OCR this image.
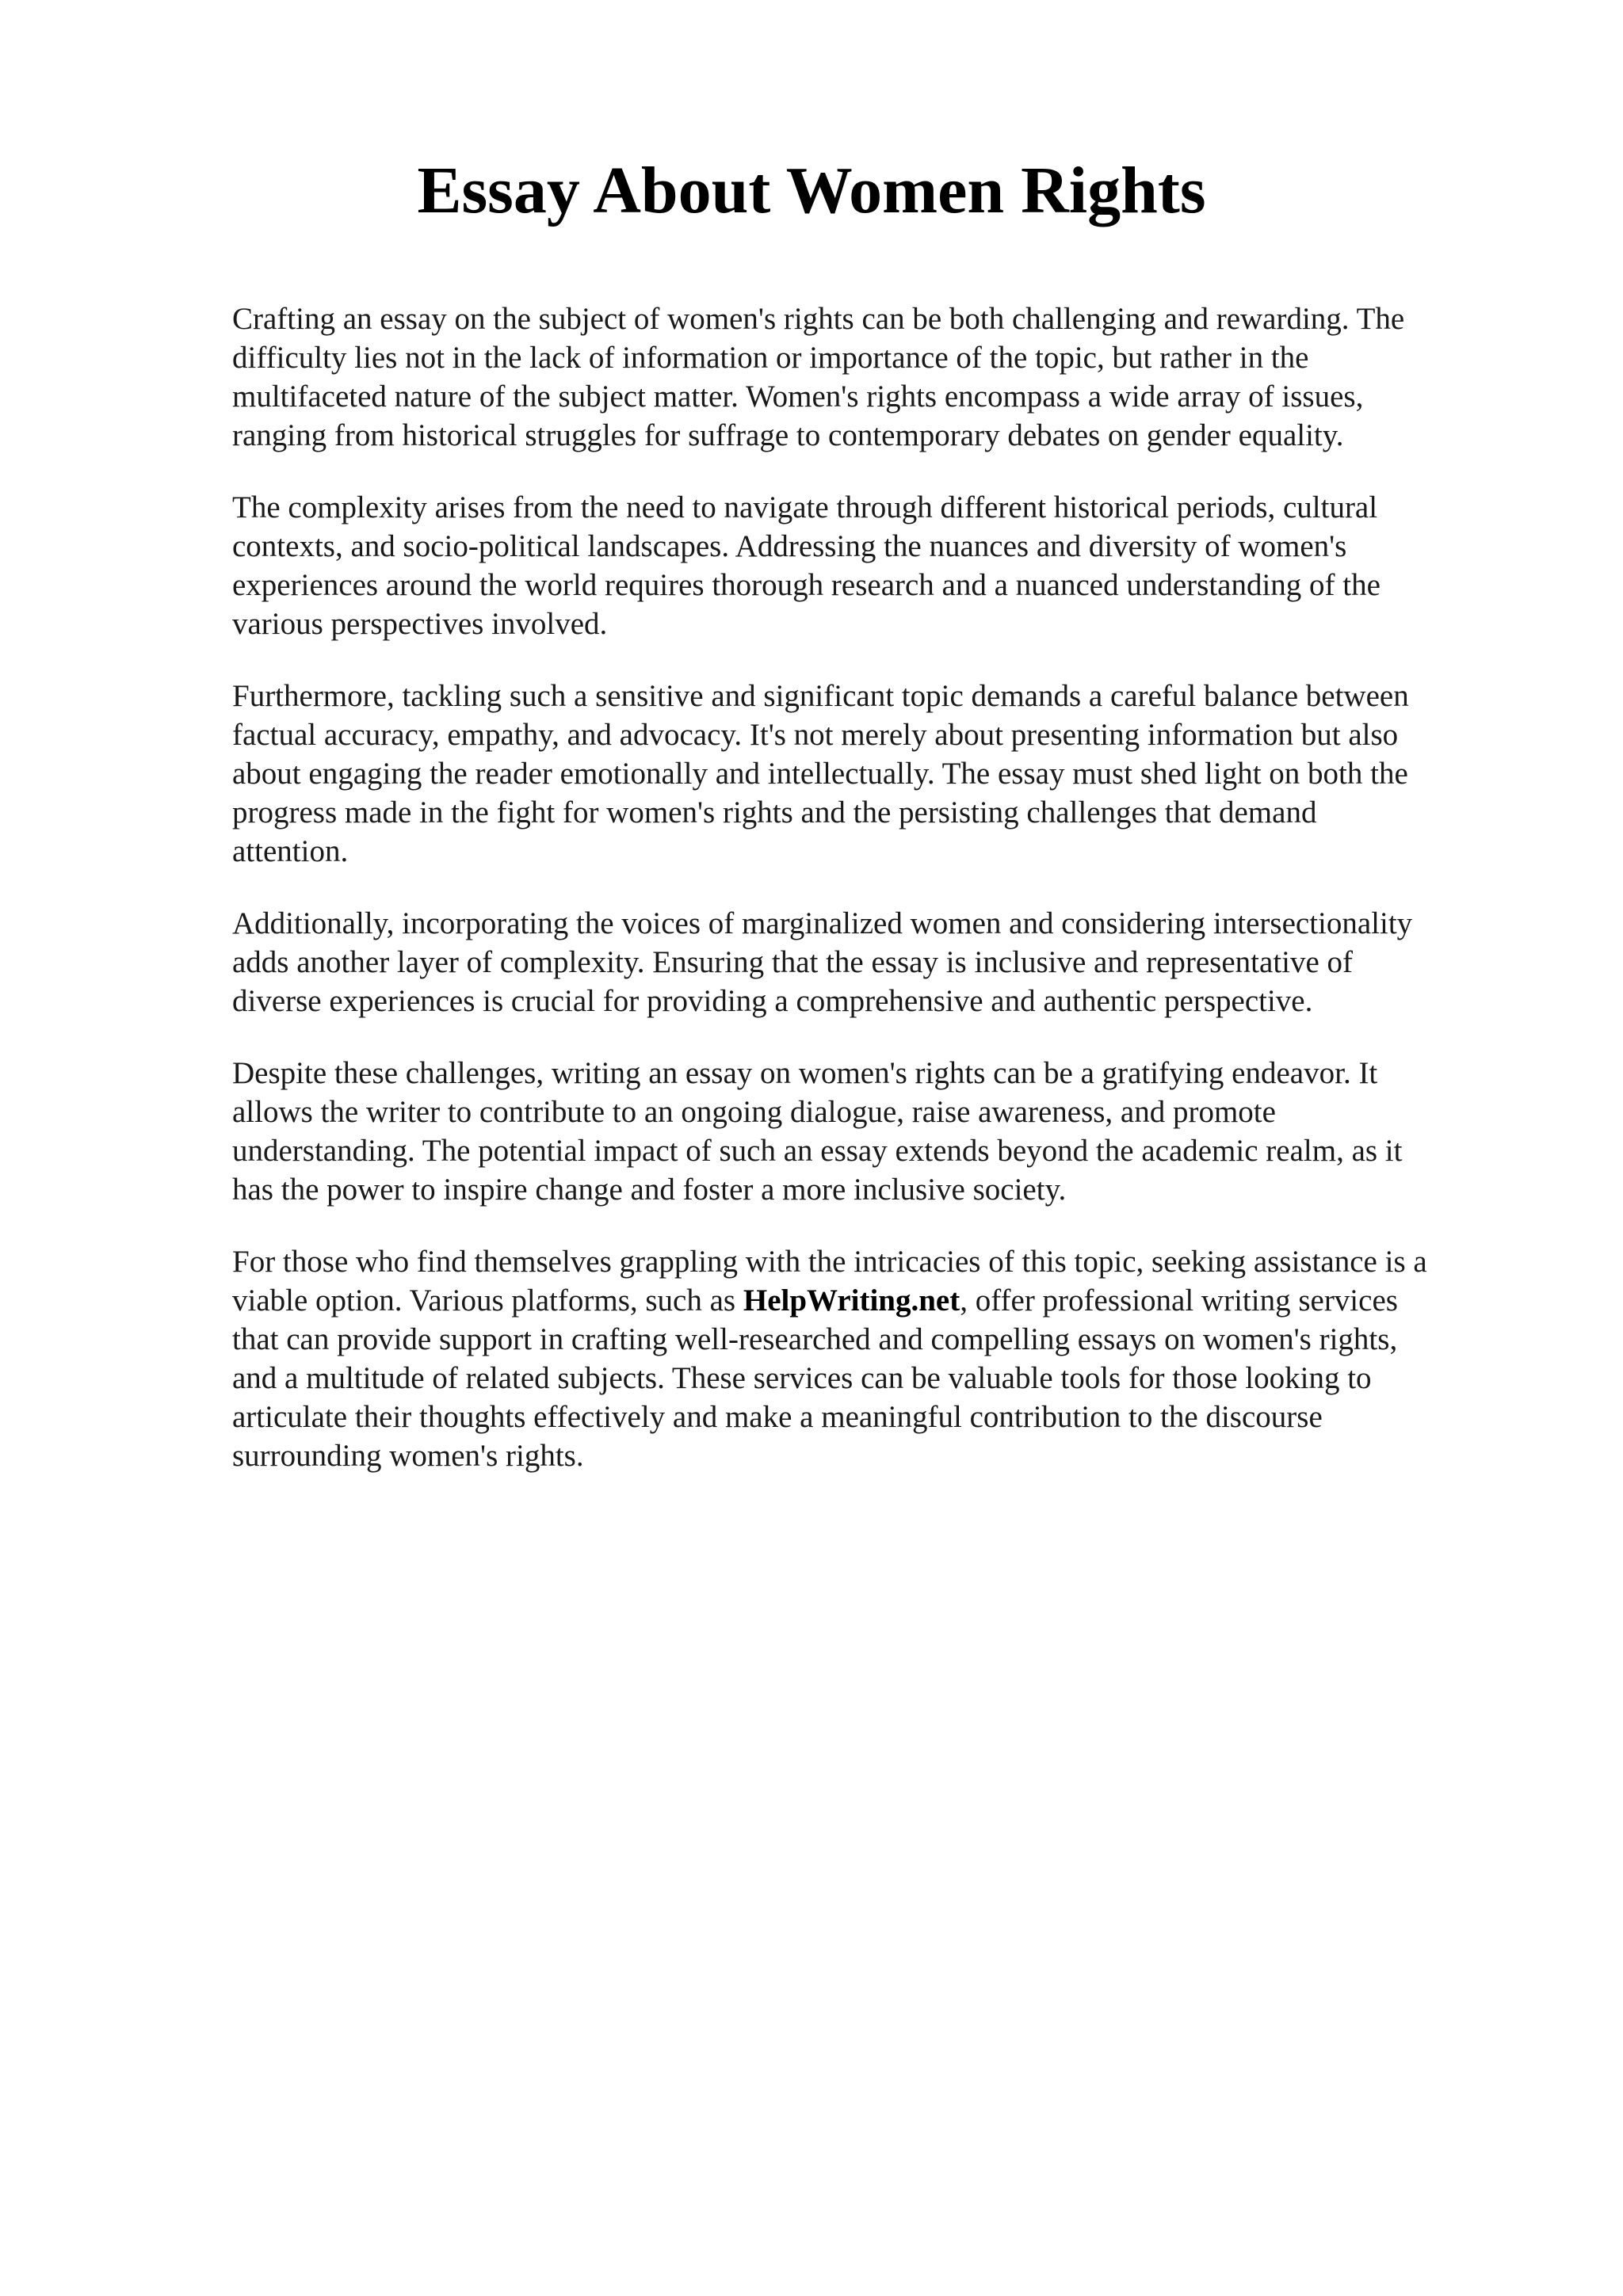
Essay About Women Rights

Crafting an essay on the subject of women's rights can be both challenging and rewarding. The
difficulty lies not in the lack of information or importance of the topic, but rather in the
multifaceted nature of the subject matter. Women's rights encompass a wide array of issues,
ranging from historical struggles for suffrage to contemporary debates on gender equality.

The complexity arises from the need to navigate through different historical periods, cultural
contexts, and socio-political landscapes. Addressing the nuances and diversity of women's
experiences around the world requires thorough research and a nuanced understanding of the
various perspectives involved.

Furthermore, tackling such a sensitive and significant topic demands a careful balance between
factual accuracy, empathy, and advocacy. It's not merely about presenting information but also
about engaging the reader emotionally and intellectually. The essay must shed light on both the
progress made in the fight for women's rights and the persisting challenges that demand
attention.

Additionally, incorporating the voices of marginalized women and considering intersectionality
adds another layer of complexity. Ensuring that the essay is inclusive and representative of
diverse experiences is crucial for providing a comprehensive and authentic perspective.

Despite these challenges, writing an essay on women's rights can be a gratifying endeavor. It
allows the writer to contribute to an ongoing dialogue, raise awareness, and promote
understanding. The potential impact of such an essay extends beyond the academic realm, as it
has the power to inspire change and foster a more inclusive society.

For those who find themselves grappling with the intricacies of this topic, seeking assistance is a
viable option. Various platforms, such as HelpWriting.net, offer professional writing services
that can provide support in crafting well-researched and compelling essays on women's rights,
and a multitude of related subjects. These services can be valuable tools for those looking to
articulate their thoughts effectively and make a meaningful contribution to the discourse
surrounding women's rights.
